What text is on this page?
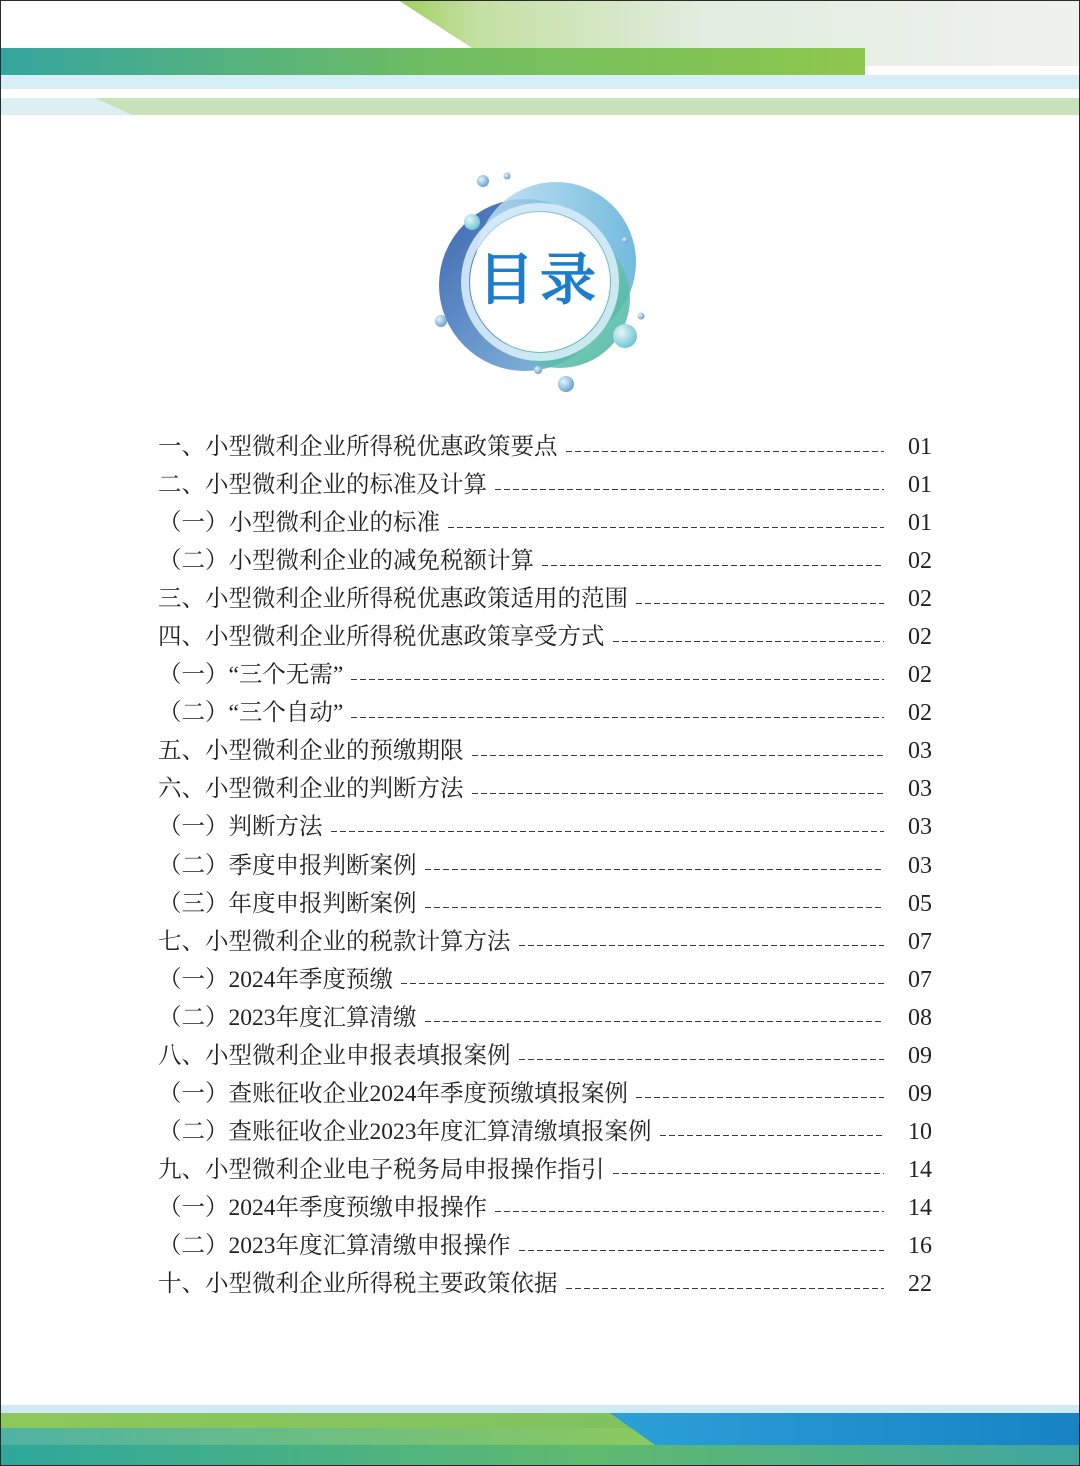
目录
一、小型微利企业所得税优惠政策要点	01
二、小型微利企业的标准及计算	01
（一）小型微利企业的标准	01
（二）小型微利企业的减免税额计算	02
三、小型微利企业所得税优惠政策适用的范围	02
四、小型微利企业所得税优惠政策享受方式	02
（一）“三个无需”	02
（二）“三个自动”	02
五、小型微利企业的预缴期限	03
六、小型微利企业的判断方法	03
（一）判断方法	03
（二）季度申报判断案例	03
（三）年度申报判断案例	05
七、小型微利企业的税款计算方法	07
（一）2024年季度预缴	07
（二）2023年度汇算清缴	08
八、小型微利企业申报表填报案例	09
（一）查账征收企业2024年季度预缴填报案例	09
（二）查账征收企业2023年度汇算清缴填报案例	10
九、小型微利企业电子税务局申报操作指引	14
（一）2024年季度预缴申报操作	14
（二）2023年度汇算清缴申报操作	16
十、小型微利企业所得税主要政策依据	22
